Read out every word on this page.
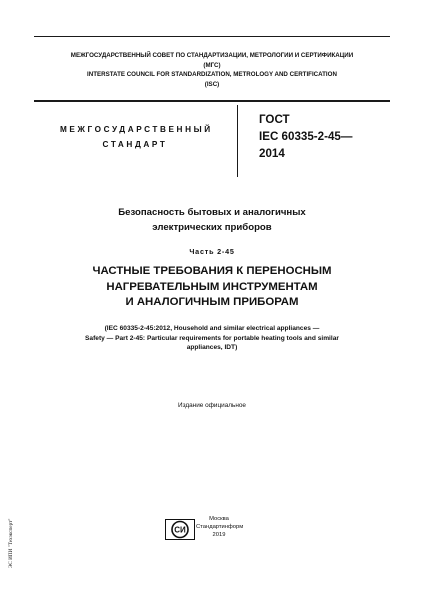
МЕЖГОСУДАРСТВЕННЫЙ СОВЕТ ПО СТАНДАРТИЗАЦИИ, МЕТРОЛОГИИ И СЕРТИФИКАЦИИ
(МГС)
INTERSTATE COUNCIL FOR STANDARDIZATION, METROLOGY AND CERTIFICATION
(ISC)
МЕЖГОСУДАРСТВЕННЫЙ
СТАНДАРТ
ГОСТ
IEC 60335-2-45—
2014
Безопасность бытовых и аналогичных
электрических приборов
Часть 2-45
ЧАСТНЫЕ ТРЕБОВАНИЯ К ПЕРЕНОСНЫМ
НАГРЕВАТЕЛЬНЫМ ИНСТРУМЕНТАМ
И АНАЛОГИЧНЫМ ПРИБОРАМ
(IEC 60335-2-45:2012, Household and similar electrical appliances —
Safety — Part 2-45: Particular requirements for portable heating tools and similar
appliances, IDT)
Издание официальное
ЭС ИПИ "Техэксперт"	СИ
Москва
Стандартинформ
2019
